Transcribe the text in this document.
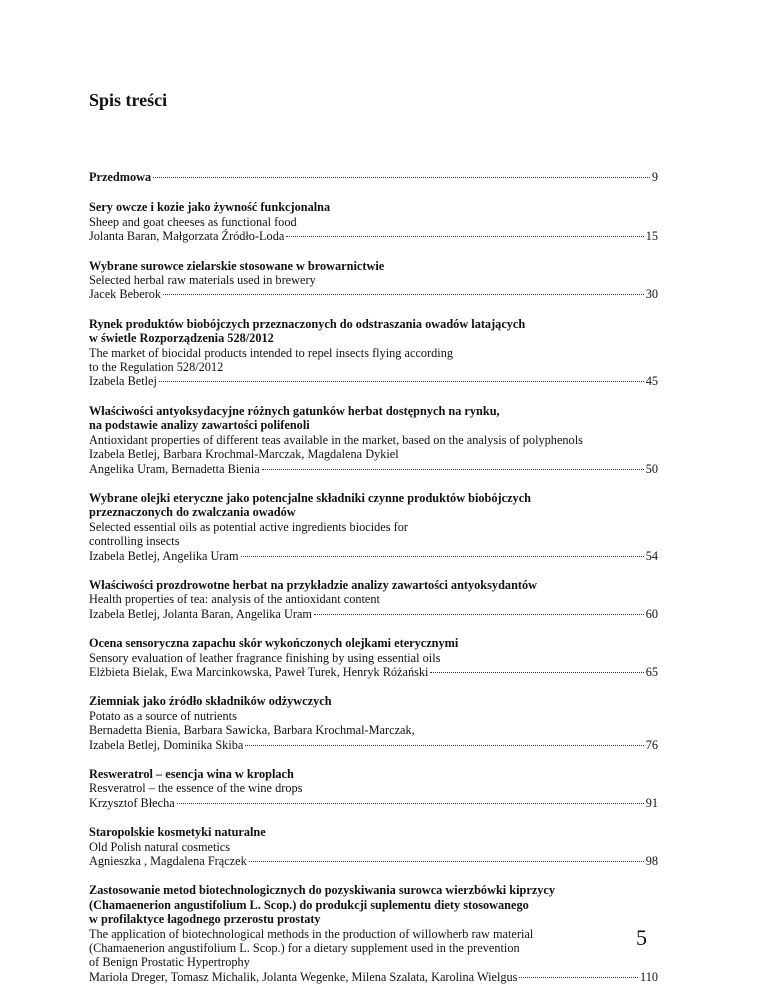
Spis treści
Przedmowa	9
Sery owcze i kozie jako żywność funkcjonalna
Sheep and goat cheeses as functional food
Jolanta Baran, Małgorzata Źródło-Loda	15
Wybrane surowce zielarskie stosowane w browarnictwie
Selected herbal raw materials used in brewery
Jacek Beberok	30
Rynek produktów biobójczych przeznaczonych do odstraszania owadów latających
w świetle Rozporządzenia 528/2012
The market of biocidal products intended to repel insects flying according
to the Regulation 528/2012
Izabela Betlej	45
Właściwości antyoksydacyjne różnych gatunków herbat dostępnych na rynku,
na podstawie analizy zawartości polifenoli
Antioxidant properties of different teas available in the market, based on the analysis of polyphenols
Izabela Betlej, Barbara Krochmal-Marczak, Magdalena Dykiel
Angelika Uram, Bernadetta Bienia	50
Wybrane olejki eteryczne jako potencjalne składniki czynne produktów biobójczych
przeznaczonych do zwalczania owadów
Selected essential oils as potential active ingredients biocides for
controlling insects
Izabela Betlej, Angelika Uram	54
Właściwości prozdrowotne herbat na przykładzie analizy zawartości antyoksydantów
Health properties of tea: analysis of the antioxidant content
Izabela Betlej, Jolanta Baran, Angelika Uram	60
Ocena sensoryczna zapachu skór wykończonych olejkami eterycznymi
Sensory evaluation of leather fragrance finishing by using essential oils
Elżbieta Bielak, Ewa Marcinkowska, Paweł Turek, Henryk Różański	65
Ziemniak jako źródło składników odżywczych
Potato as a source of nutrients
Bernadetta Bienia, Barbara Sawicka, Barbara Krochmal-Marczak,
Izabela Betlej, Dominika Skiba	76
Resweratrol – esencja wina w kroplach
Resveratrol – the essence of the wine drops
Krzysztof Błecha	91
Staropolskie kosmetyki naturalne
Old Polish natural cosmetics
Agnieszka , Magdalena Frączek	98
Zastosowanie metod biotechnologicznych do pozyskiwania surowca wierzbówki kiprzycy
(Chamaenerion angustifolium L. Scop.) do produkcji suplementu diety stosowanego
w profilaktyce łagodnego przerostu prostaty
The application of biotechnological methods in the production of willowherb raw material
(Chamaenerion angustifolium L. Scop.) for a dietary supplement used in the prevention
of Benign Prostatic Hypertrophy
Mariola Dreger, Tomasz Michalik, Jolanta Wegenke, Milena Szalata, Karolina Wielgus	110
5
